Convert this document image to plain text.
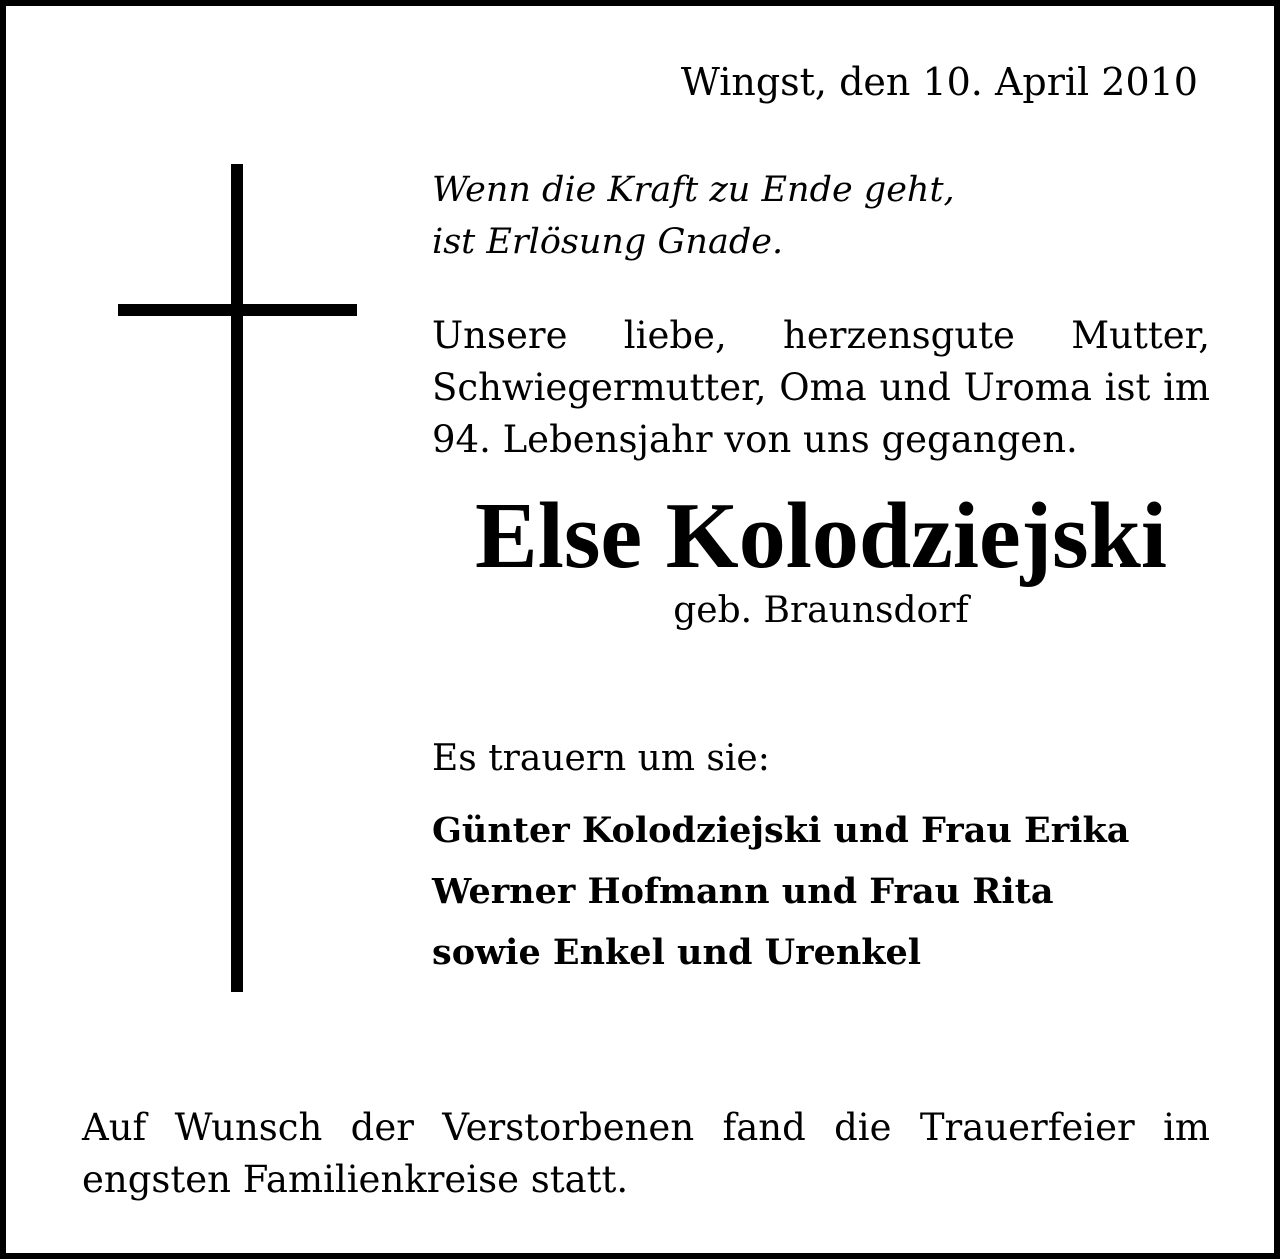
Wingst, den 10. April 2010

Wenn die Kraft zu Ende geht,
ist Erlösung Gnade.

Unsere liebe, herzensgute Mutter, Schwiegermutter, Oma und Uroma ist im 94. Lebensjahr von uns gegangen.

Else Kolodziejski
geb. Braunsdorf
Es trauern um sie:
Günter Kolodziejski und Frau Erika
Werner Hofmann und Frau Rita
sowie Enkel und Urenkel

Auf Wunsch der Verstorbenen fand die Trauerfeier im engsten Familienkreise statt.
